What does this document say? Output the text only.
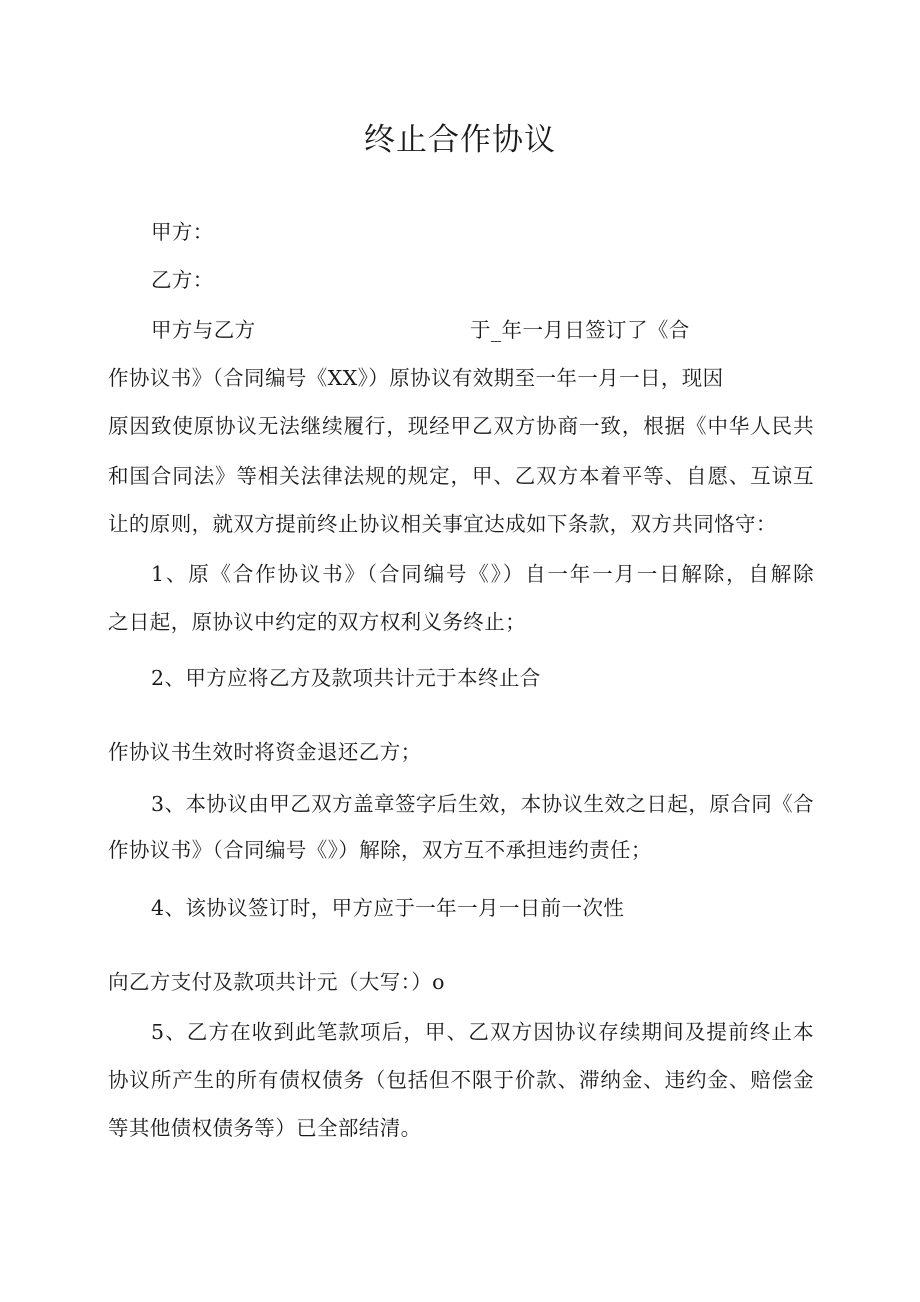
终止合作协议
甲方：
乙方：
甲方与乙方	于_年一月日签订了《合
作协议书》（合同编号《XX》）原协议有效期至一年一月一日，现因
原因致使原协议无法继续履行，现经甲乙双方协商一致，根据《中华人民共
和国合同法》等相关法律法规的规定，甲、乙双方本着平等、自愿、互谅互
让的原则，就双方提前终止协议相关事宜达成如下条款，双方共同恪守：
1、原《合作协议书》（合同编号《》）自一年一月一日解除，自解除
之日起，原协议中约定的双方权利义务终止；
2、甲方应将乙方及款项共计元于本终止合
作协议书生效时将资金退还乙方；
3、本协议由甲乙双方盖章签字后生效，本协议生效之日起，原合同《合
作协议书》（合同编号《》）解除，双方互不承担违约责任；
4、该协议签订时，甲方应于一年一月一日前一次性
向乙方支付及款项共计元（大写：）o
5、乙方在收到此笔款项后，甲、乙双方因协议存续期间及提前终止本
协议所产生的所有债权债务（包括但不限于价款、滞纳金、违约金、赔偿金
等其他债权债务等）已全部结清。
